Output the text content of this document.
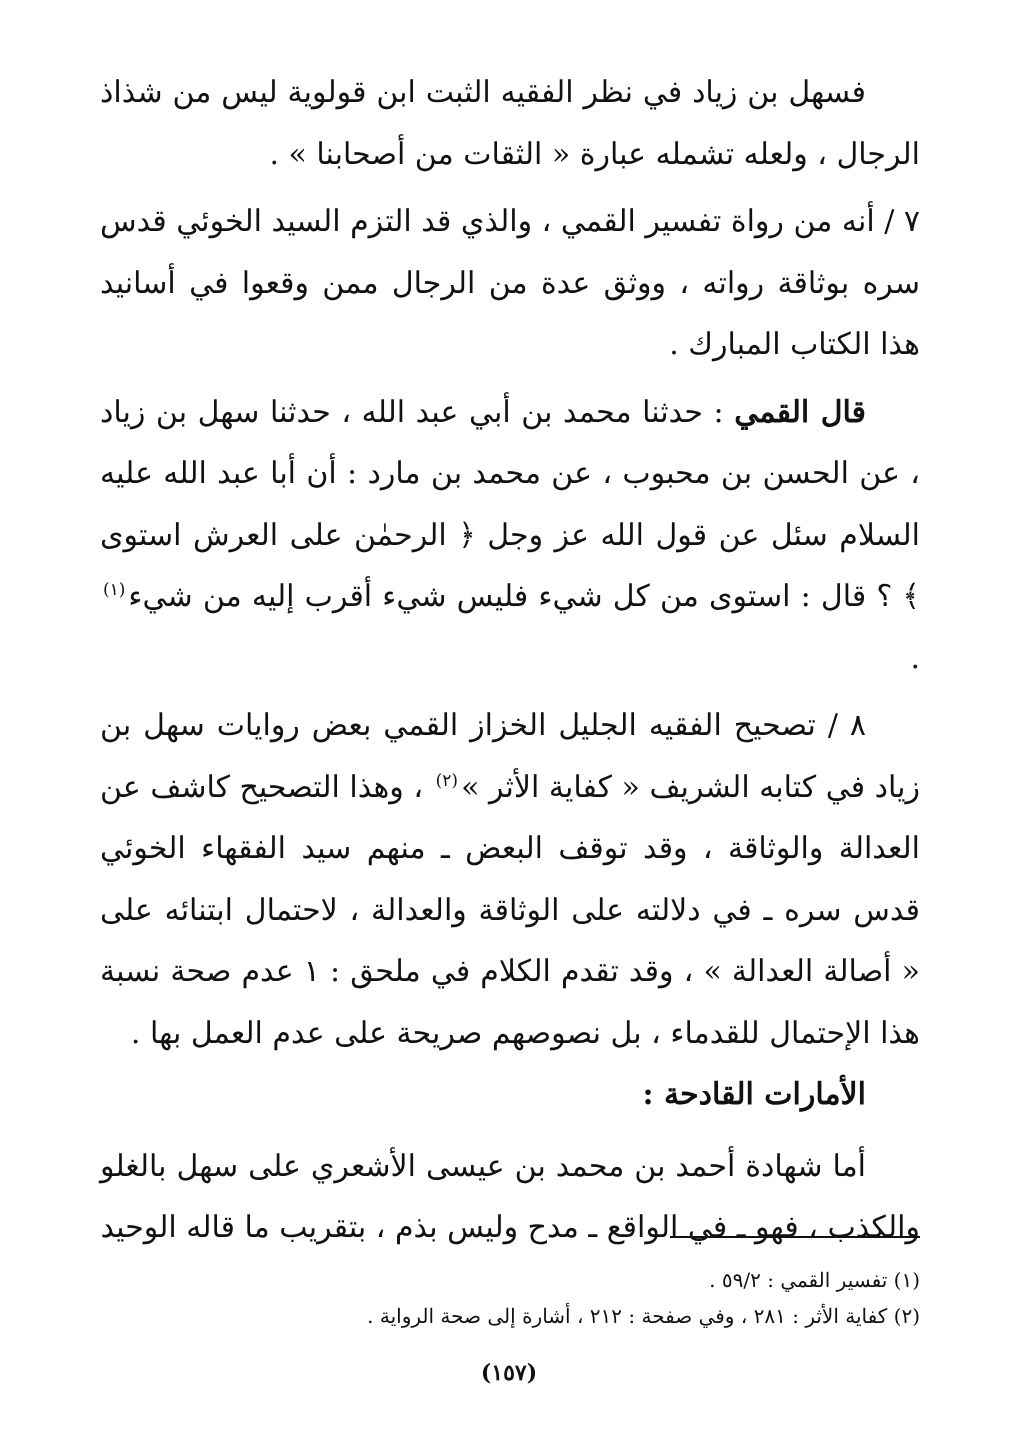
فسهل بن زياد في نظر الفقيه الثبت ابن قولوية ليس من شذاذ الرجال ، ولعله تشمله عبارة « الثقات من أصحابنا » .

٧ / أنه من رواة تفسير القمي ، والذي قد التزم السيد الخوئي قدس سره بوثاقة رواته ، ووثق عدة من الرجال ممن وقعوا في أسانيد هذا الكتاب المبارك .

قال القمي : حدثنا محمد بن أبي عبد الله ، حدثنا سهل بن زياد ، عن الحسن بن محبوب ، عن محمد بن مارد : أن أبا عبد الله عليه السلام سئل عن قول الله عز وجل ﴿ الرحمٰن على العرش استوى ﴾ ؟ قال : استوى من كل شيء فليس شيء أقرب إليه من شيء$^{(١)}$ .

٨ / تصحيح الفقيه الجليل الخزاز القمي بعض روايات سهل بن زياد في كتابه الشريف « كفاية الأثر »$^{(٢)}$ ، وهذا التصحيح كاشف عن العدالة والوثاقة ، وقد توقف البعض ـ منهم سيد الفقهاء الخوئي قدس سره ـ في دلالته على الوثاقة والعدالة ، لاحتمال ابتنائه على « أصالة العدالة » ، وقد تقدم الكلام في ملحق : ١ عدم صحة نسبة هذا الإحتمال للقدماء ، بل نصوصهم صريحة على عدم العمل بها .

الأمارات القادحة :

أما شهادة أحمد بن محمد بن عيسى الأشعري على سهل بالغلو والكذب ، فهو ـ في الواقع ـ مدح وليس بذم ، بتقريب ما قاله الوحيد

(١) تفسير القمي : ٥٩/٢ .

(٢) كفاية الأثر : ٢٨١ ، وفي صفحة : ٢١٢ ، أشارة إلى صحة الرواية .

(١٥٧)
